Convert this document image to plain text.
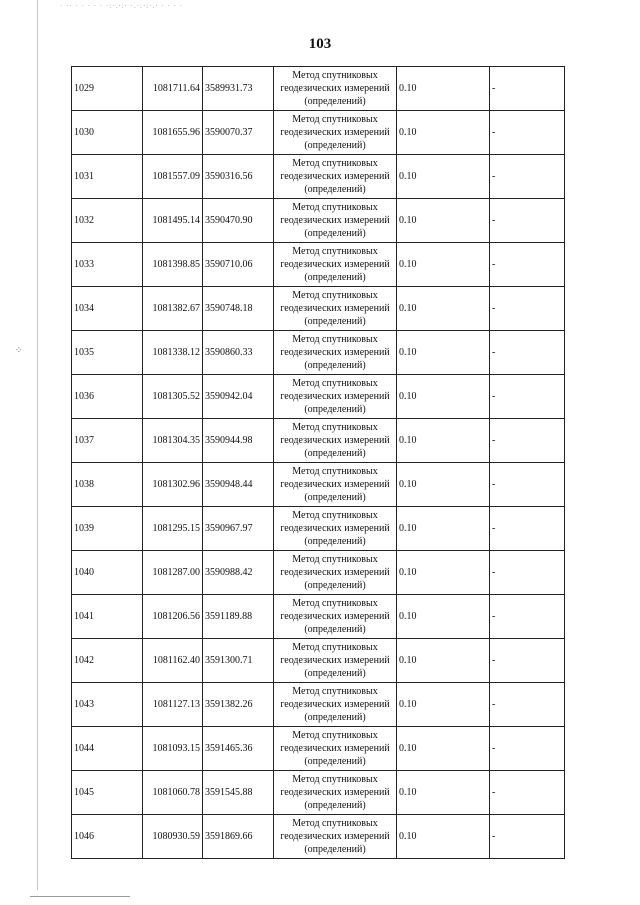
· ·· · · · · · ·:·.·:· ·.·:·:·.· · · · ·
⁘
103
1029	1081711.64	3589931.73	Метод спутниковых геодезических измерений (определений)	0.10	-
1030	1081655.96	3590070.37	Метод спутниковых геодезических измерений (определений)	0.10	-
1031	1081557.09	3590316.56	Метод спутниковых геодезических измерений (определений)	0.10	-
1032	1081495.14	3590470.90	Метод спутниковых геодезических измерений (определений)	0.10	-
1033	1081398.85	3590710.06	Метод спутниковых геодезических измерений (определений)	0.10	-
1034	1081382.67	3590748.18	Метод спутниковых геодезических измерений (определений)	0.10	-
1035	1081338.12	3590860.33	Метод спутниковых геодезических измерений (определений)	0.10	-
1036	1081305.52	3590942.04	Метод спутниковых геодезических измерений (определений)	0.10	-
1037	1081304.35	3590944.98	Метод спутниковых геодезических измерений (определений)	0.10	-
1038	1081302.96	3590948.44	Метод спутниковых геодезических измерений (определений)	0.10	-
1039	1081295.15	3590967.97	Метод спутниковых геодезических измерений (определений)	0.10	-
1040	1081287.00	3590988.42	Метод спутниковых геодезических измерений (определений)	0.10	-
1041	1081206.56	3591189.88	Метод спутниковых геодезических измерений (определений)	0.10	-
1042	1081162.40	3591300.71	Метод спутниковых геодезических измерений (определений)	0.10	-
1043	1081127.13	3591382.26	Метод спутниковых геодезических измерений (определений)	0.10	-
1044	1081093.15	3591465.36	Метод спутниковых геодезических измерений (определений)	0.10	-
1045	1081060.78	3591545.88	Метод спутниковых геодезических измерений (определений)	0.10	-
1046	1080930.59	3591869.66	Метод спутниковых геодезических измерений (определений)	0.10	-
